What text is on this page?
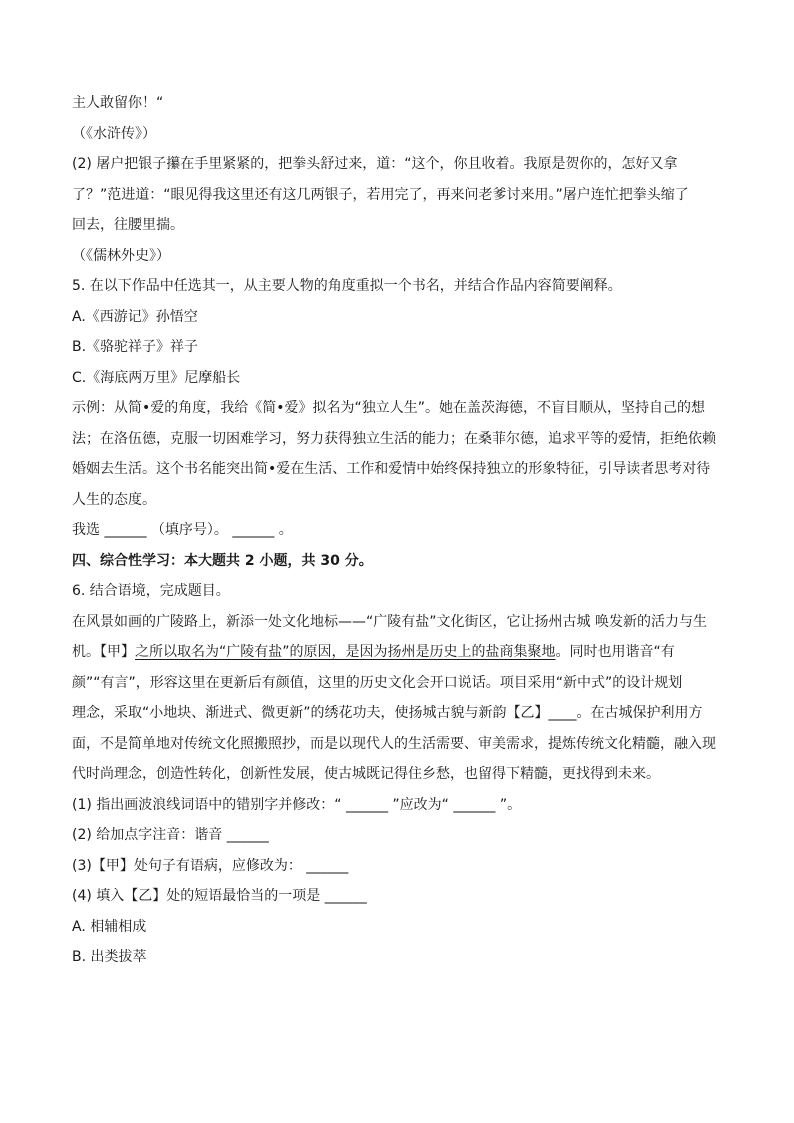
主人敢留你！“
（《水浒传》）
(2) 屠户把银子攥在手里紧紧的，把拳头舒过来，道：“这个，你且收着。我原是贺你的，怎好又拿
了？”范进道：“眼见得我这里还有这几两银子，若用完了，再来问老爹讨来用。”屠户连忙把拳头缩了
回去，往腰里揣。
（《儒林外史》）
5. 在以下作品中任选其一，从主要人物的角度重拟一个书名，并结合作品内容简要阐释。
A.《西游记》孙悟空
B.《骆驼祥子》祥子
C.《海底两万里》尼摩船长
示例：从简•爱的角度，我给《简•爱》拟名为“独立人生”。她在盖茨海德，不盲目顺从，坚持自己的想
法；在洛伍德，克服一切困难学习，努力获得独立生活的能力；在桑菲尔德，追求平等的爱情，拒绝依赖
婚姻去生活。这个书名能突出简•爱在生活、工作和爱情中始终保持独立的形象特征，引导读者思考对待
人生的态度。
我选 ______ （填序号）。 ______ 。
四、综合性学习：本大题共 2 小题，共 30 分。
6. 结合语境，完成题目。
在风景如画的广陵路上，新添一处文化地标——“广陵有盐”文化街区，它让扬州古城 唤发新的活力与生
机。【甲】之所以取名为“广陵有盐”的原因，是因为扬州是历史上的盐商集聚地。同时也用谐音“有
颜”“有言”，形容这里在更新后有颜值，这里的历史文化会开口说话。项目采用“新中式”的设计规划
理念，采取“小地块、渐进式、微更新”的绣花功夫，使扬城古貌与新韵【乙】____。在古城保护利用方
面，不是简单地对传统文化照搬照抄，而是以现代人的生活需要、审美需求，提炼传统文化精髓，融入现
代时尚理念，创造性转化，创新性发展，使古城既记得住乡愁，也留得下精髓，更找得到未来。
(1) 指出画波浪线词语中的错别字并修改：“ ______ ”应改为“ ______ ”。
(2) 给加点字注音：谐音 ______
(3)【甲】处句子有语病，应修改为： ______
(4) 填入【乙】处的短语最恰当的一项是 ______
A. 相辅相成
B. 出类拔萃
